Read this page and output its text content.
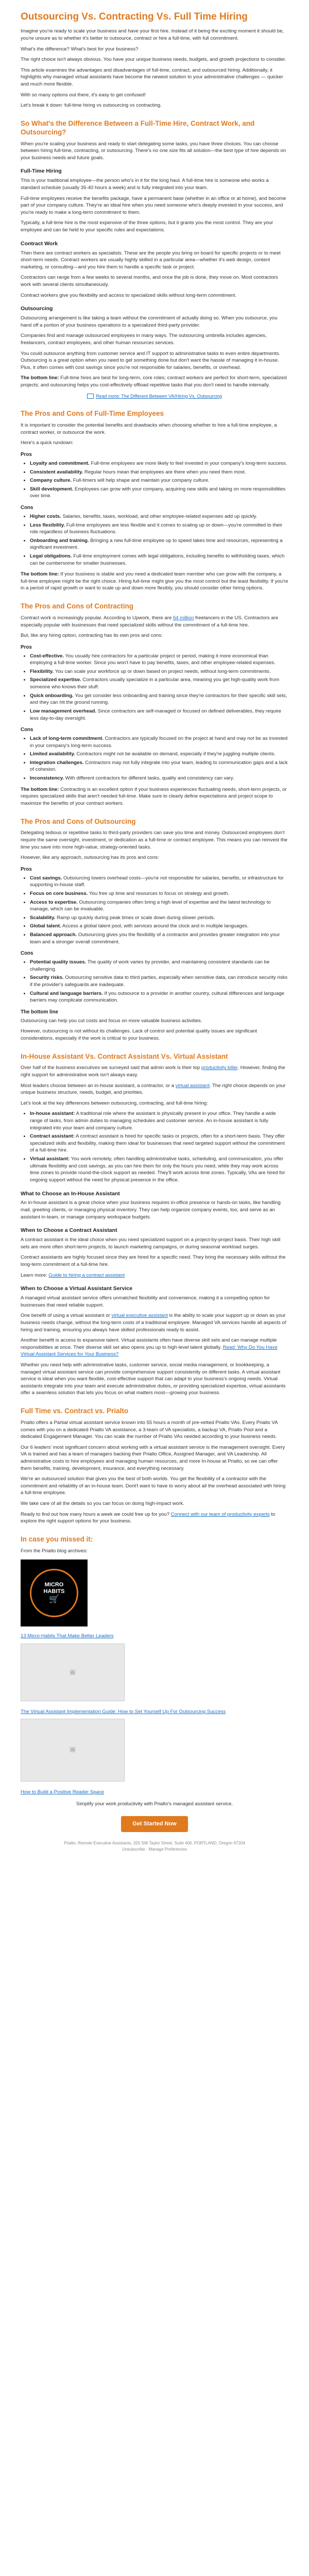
Outsourcing Vs. Contracting Vs. Full Time Hiring

Imagine you're ready to scale your business and have your first hire. Instead of it being the exciting moment it should be, you're unsure as to whether it's better to outsource, contract or hire a full-time, with full commitment.

What's the difference? What's best for your business?

The right choice isn't always obvious. You have your unique business needs, budgets, and growth projections to consider.

This article examines the advantages and disadvantages of full-time, contract, and outsourced hiring. Additionally, it highlights why managed virtual assistants have become the newest solution to your administrative challenges — quicker and much more flexible.

With so many options out there, it's easy to get confused!

Let's break it down: full-time hiring vs outsourcing vs contracting.

So What's the Difference Between a Full-Time Hire, Contract Work, and Outsourcing?

When you're scaling your business and ready to start delegating some tasks, you have three choices. You can choose between hiring full-time, contracting, or outsourcing. There's no one size fits all solution—the best type of hire depends on your business needs and future goals.

Full-Time Hiring

This is your traditional employee—the person who's in it for the long haul. A full-time hire is someone who works a standard schedule (usually 35-40 hours a week) and is fully integrated into your team.

Full-time employees receive the benefits package, have a permanent base (whether in an office or at home), and become part of your company culture. They're an ideal hire when you need someone who's deeply invested in your success, and you're ready to make a long-term commitment to them.

Typically, a full-time hire is the most expensive of the three options, but it grants you the most control. They are your employee and can be held to your specific rules and expectations.

Contract Work

Then there are contract workers as specialists. These are the people you bring on board for specific projects or to meet short-term needs. Contract workers are usually highly skilled in a particular area—whether it's web design, content marketing, or consulting—and you hire them to handle a specific task or project.

Contractors can range from a few weeks to several months, and once the job is done, they move on. Most contractors work with several clients simultaneously.

Contract workers give you flexibility and access to specialized skills without long-term commitment.

Outsourcing

Outsourcing arrangement is like taking a team without the commitment of actually doing so. When you outsource, you hand off a portion of your business operations to a specialized third-party provider.

Companies find and manage outsourced employees in many ways. The outsourcing umbrella includes agencies, freelancers, contract employees, and other human resources services.

You could outsource anything from customer service and IT support to administrative tasks to even entire departments. Outsourcing is a great option when you need to get something done but don't want the hassle of managing it in-house. Plus, it often comes with cost savings since you're not responsible for salaries, benefits, or overhead.

The bottom line: Full-time hires are best for long-term, core roles; contract workers are perfect for short-term, specialized projects; and outsourcing helps you cost-effectively offload repetitive tasks that you don't need to handle internally.

Read more: The Different Between VA/Hiring Vs. Outsourcing
The Pros and Cons of Full-Time Employees

It is important to consider the potential benefits and drawbacks when choosing whether to hire a full-time employee, a contract worker, or outsource the work.

Here's a quick rundown:

Pros
• Loyalty and commitment. Full-time employees are more likely to feel invested in your company's long-term success.
• Consistent availability. Regular hours mean that employees are there when you need them most.
• Company culture. Full-timers will help shape and maintain your company culture.
• Skill development. Employees can grow with your company, acquiring new skills and taking on more responsibilities over time.
Cons
• Higher costs. Salaries, benefits, taxes, workload, and other employee-related expenses add up quickly.
• Less flexibility. Full-time employees are less flexible and it comes to scaling up or down—you're committed to their role regardless of business fluctuations.
• Onboarding and training. Bringing a new full-time employee up to speed takes time and resources, representing a significant investment.
• Legal obligations. Full-time employment comes with legal obligations, including benefits to withholding taxes, which can be cumbersome for smaller businesses.

The bottom line: If your business is stable and you need a dedicated team member who can grow with the company, a full-time employee might be the right choice. Hiring full-time might give you the most control but the least flexibility. If you're in a period of rapid growth or want to scale up and down more flexibly, you should consider other hiring options.

The Pros and Cons of Contracting

Contract work is increasingly popular. According to Upwork, there are 64 million freelancers in the US. Contractors are especially popular with businesses that need specialized skills without the commitment of a full-time hire.

But, like any hiring option, contracting has its own pros and cons:

Pros
• Cost-effective. You usually hire contractors for a particular project or period, making it more economical than employing a full-time worker. Since you won't have to pay benefits, taxes, and other employee-related expenses.
• Flexibility. You can scale your workforce up or down based on project needs, without long-term commitments.
• Specialized expertise. Contractors usually specialize in a particular area, meaning you get high-quality work from someone who knows their stuff.
• Quick onboarding. You get consider less onboarding and training since they're contractors for their specific skill sets, and they can hit the ground running.
• Low management overhead. Since contractors are self-managed or focused on defined deliverables, they require less day-to-day oversight.
Cons
• Lack of long-term commitment. Contractors are typically focused on the project at hand and may not be as invested in your company's long-term success.
• Limited availability. Contractors might not be available on demand, especially if they're juggling multiple clients.
• Integration challenges. Contractors may not fully integrate into your team, leading to communication gaps and a lack of cohesion.
• Inconsistency. With different contractors for different tasks, quality and consistency can vary.

The bottom line: Contracting is an excellent option if your business experiences fluctuating needs, short-term projects, or requires specialized skills that aren't needed full-time. Make sure to clearly define expectations and project scope to maximize the benefits of your contract workers.

The Pros and Cons of Outsourcing

Delegating tedious or repetitive tasks to third-party providers can save you time and money. Outsourced employees don't require the same oversight, investment, or dedication as a full-time or contract employee. This means you can reinvest the time you save into more high-value, strategy-oriented tasks.

However, like any approach, outsourcing has its pros and cons:

Pros
• Cost savings. Outsourcing lowers overhead costs—you're not responsible for salaries, benefits, or infrastructure for supporting in-house staff.
• Focus on core business. You free up time and resources to focus on strategy and growth.
• Access to expertise. Outsourcing companies often bring a high level of expertise and the latest technology to manage, which can be invaluable.
• Scalability. Ramp up quickly during peak times or scale down during slower periods.
• Global talent. Access a global talent pool, with services around the clock and in multiple languages.
• Balanced approach. Outsourcing gives you the flexibility of a contractor and provides greater integration into your team and a stronger overall commitment.
Cons
• Potential quality issues. The quality of work varies by provider, and maintaining consistent standards can be challenging.
• Security risks. Outsourcing sensitive data to third parties, especially when sensitive data, can introduce security risks if the provider's safeguards are inadequate.
• Cultural and language barriers. If you outsource to a provider in another country, cultural differences and language barriers may complicate communication.
The bottom line

Outsourcing can help you cut costs and focus on more valuable business activities.

However, outsourcing is not without its challenges. Lack of control and potential quality issues are significant considerations, especially if the work is critical to your business.

In-House Assistant Vs. Contract Assistant Vs. Virtual Assistant

Over half of the business executives we surveyed said that admin work is their top productivity killer. However, finding the right support for administrative work isn't always easy.

Most leaders choose between an in-house assistant, a contractor, or a virtual assistant. The right choice depends on your unique business structure, needs, budget, and priorities.

Let's look at the key differences between outsourcing, contracting, and full-time hiring:

• In-house assistant: A traditional role where the assistant is physically present in your office. They handle a wide range of tasks, from admin duties to managing schedules and customer service. An in-house assistant is fully integrated into your team and company culture.
• Contract assistant: A contract assistant is hired for specific tasks or projects, often for a short-term basis. They offer specialized skills and flexibility, making them ideal for businesses that need targeted support without the commitment of a full-time hire.
• Virtual assistant: You work remotely, often handling administrative tasks, scheduling, and communication, you offer ultimate flexibility and cost savings, as you can hire them for only the hours you need, while they may work across time zones to provide round-the-clock support as needed. They'll work across time zones. Typically, VAs are hired for ongoing support without the need for physical presence in the office.
What to Choose an In-House Assistant

An in-house assistant is a great choice when your business requires in-office presence or hands-on tasks, like handling mail, greeting clients, or managing physical inventory. They can help organize company events, too, and serve as an assistant in-team, or manage company workspace budgets.

When to Choose a Contract Assistant

A contract assistant is the ideal choice when you need specialized support on a project-by-project basis. Their high skill sets are more often short-term projects, to launch marketing campaigns, or during seasonal workload surges.

Contract assistants are highly focused since they are hired for a specific need. They bring the necessary skills without the long-term commitment of a full-time hire.

Learn more: Guide to hiring a contract assistant

When to Choose a Virtual Assistant Service

A managed virtual assistant service offers unmatched flexibility and convenience, making it a compelling option for businesses that need reliable support.

One benefit of using a virtual assistant or virtual executive assistant is the ability to scale your support up or down as your business needs change, without the long-term costs of a traditional employee. Managed VA services handle all aspects of hiring and training, ensuring you always have skilled professionals ready to assist.

Another benefit is access to expansive talent. Virtual assistants often have diverse skill sets and can manage multiple responsibilities at once. Their diverse skill set also opens you up to high-level talent globally. Read: Why Do You Have Virtual Assistant Services for Your Business?

Whether you need help with administrative tasks, customer service, social media management, or bookkeeping, a managed virtual assistant service can provide comprehensive support consistently on different tasks. A virtual assistant service is ideal when you want flexible, cost-effective support that can adapt to your business's ongoing needs. Virtual assistants integrate into your team and execute administrative duties, or providing specialized expertise, virtual assistants offer a seamless solution that lets you focus on what matters most—growing your business.

Full Time vs. Contract vs. Prialto

Prialto offers a Partial virtual assistant service known into 55 hours a month of pre-vetted Prialto VAs. Every Prialto VA comes with you on a dedicated Prialto VA assistance, a 3-team of VA specialists, a backup VA, Prialto Pool and a dedicated Engagement Manager. You can scale the number of Prialto VAs needed according to your business needs.

Our 6 leaders' most significant concern about working with a virtual assistant service is the management oversight. Every VA is trained and has a team of managers backing their Prialto Office, Assigned Manager, and VA Leadership. All administrative costs to hire employees and managing human resources, and more In-house at Prialto, so we can offer them benefits, training, development, insurance, and everything necessary.

We're an outsourced solution that gives you the best of both worlds. You get the flexibility of a contractor with the commitment and reliability of an in-house team. Dont't want to have to worry about all the overhead associated with hiring a full-time employee.

We take care of all the details so you can focus on doing high-impact work.

Ready to find out how many hours a week we could free up for you? Connect with our team of productivity experts to explore the right support options for your business.

In case you missed it:

From the Prialto blog archives:

MICRO
HABITS
🛒

13 Micro-Habits That Make Better Leaders

🖼

The Virtual Assistant Implementation Guide: How to Set Yourself Up For Outsourcing Success

🖼

How to Build a Positive Reader Space

Simplify your work productivity with Prialto's managed assistant service.

Get Started Now
Prialto, Remote Executive Assistants, 320 SW Taylor Street, Suite 400, PORTLAND, Oregon 97204
Unsubscribe · Manage Preferences
